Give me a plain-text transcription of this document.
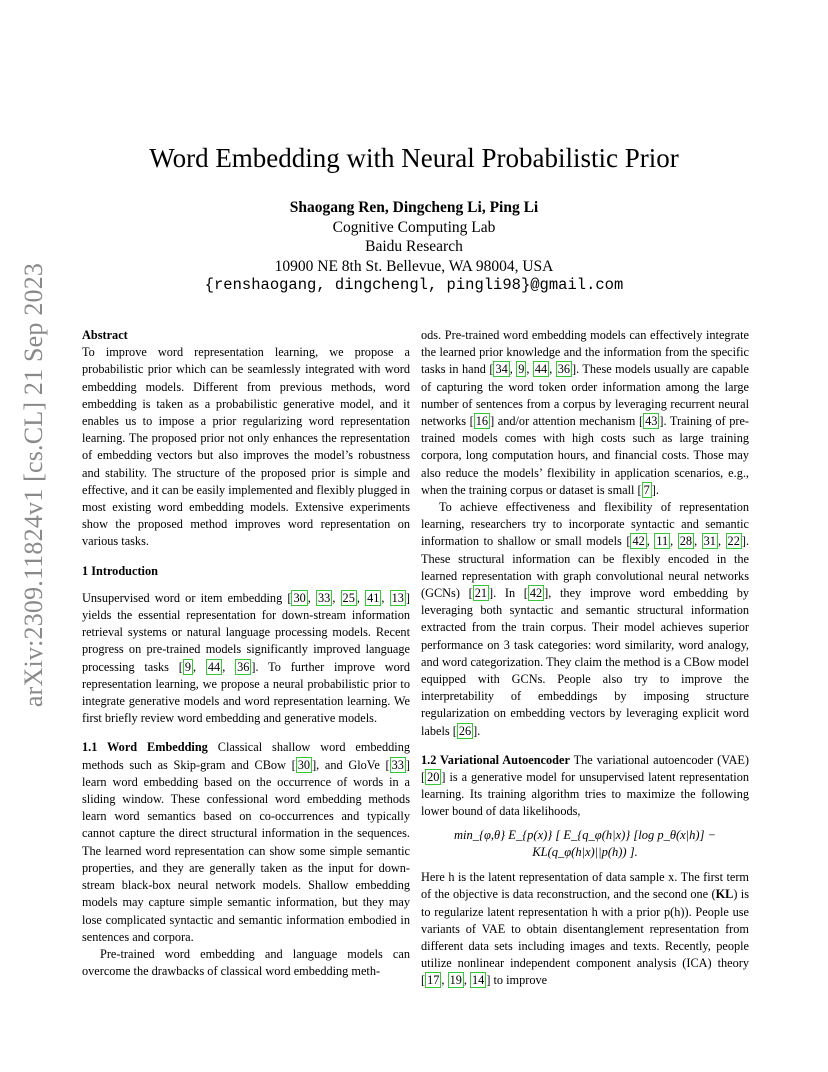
arXiv:2309.11824v1 [cs.CL] 21 Sep 2023
Word Embedding with Neural Probabilistic Prior
Shaogang Ren, Dingcheng Li, Ping Li
Cognitive Computing Lab
Baidu Research
10900 NE 8th St. Bellevue, WA 98004, USA
{renshaogang, dingchengl, pingli98}@gmail.com

Abstract

To improve word representation learning, we propose a probabilistic prior which can be seamlessly integrated with word embedding models. Different from previous methods, word embedding is taken as a probabilistic generative model, and it enables us to impose a prior regularizing word representation learning. The proposed prior not only enhances the representation of embedding vectors but also improves the model’s robustness and stability. The structure of the proposed prior is simple and effective, and it can be easily implemented and flexibly plugged in most existing word embedding models. Extensive experiments show the proposed method improves word representation on various tasks.

1 Introduction

Unsupervised word or item embedding [ 30 , 33 , 25 , 41 , 13 ] yields the essential representation for down-stream information retrieval systems or natural language processing models. Recent progress on pre-trained models significantly improved language processing tasks [ 9 , 44 , 36 ]. To further improve word representation learning, we propose a neural probabilistic prior to integrate generative models and word representation learning. We first briefly review word embedding and generative models.

1.1 Word Embedding Classical shallow word embedding methods such as Skip-gram and CBow [ 30 ], and GloVe [ 33 ] learn word embedding based on the occurrence of words in a sliding window. These confessional word embedding methods learn word semantics based on co-occurrences and typically cannot capture the direct structural information in the sequences. The learned word representation can show some simple semantic properties, and they are generally taken as the input for down-stream black-box neural network models. Shallow embedding models may capture simple semantic information, but they may lose complicated syntactic and semantic information embodied in sentences and corpora.

Pre-trained word embedding and language models can overcome the drawbacks of classical word embedding meth-

ods. Pre-trained word embedding models can effectively integrate the learned prior knowledge and the information from the specific tasks in hand [ 34 , 9 , 44 , 36 ]. These models usually are capable of capturing the word token order information among the large number of sentences from a corpus by leveraging recurrent neural networks [ 16 ] and/or attention mechanism [ 43 ]. Training of pre-trained models comes with high costs such as large training corpora, long computation hours, and financial costs. Those may also reduce the models’ flexibility in application scenarios, e.g., when the training corpus or dataset is small [ 7 ].

To achieve effectiveness and flexibility of representation learning, researchers try to incorporate syntactic and semantic information to shallow or small models [ 42 , 11 , 28 , 31 , 22 ]. These structural information can be flexibly encoded in the learned representation with graph convolutional neural networks (GCNs) [ 21 ]. In [ 42 ], they improve word embedding by leveraging both syntactic and semantic structural information extracted from the train corpus. Their model achieves superior performance on 3 task categories: word similarity, word analogy, and word categorization. They claim the method is a CBow model equipped with GCNs. People also try to improve the interpretability of embeddings by imposing structure regularization on embedding vectors by leveraging explicit word labels [ 26 ].

1.2 Variational Autoencoder The variational autoencoder (VAE) [ 20 ] is a generative model for unsupervised latent representation learning. Its training algorithm tries to maximize the following lower bound of data likelihoods,

min_{φ,θ} E_{p(x)} [ E_{q_φ(h|x)} [log p_θ(x|h)] − KL(q_φ(h|x)||p(h)) ].

Here h is the latent representation of data sample x. The first term of the objective is data reconstruction, and the second one (KL) is to regularize latent representation h with a prior p(h)). People use variants of VAE to obtain disentanglement representation from different data sets including images and texts. Recently, people utilize nonlinear independent component analysis (ICA) theory [ 17 , 19 , 14 ] to improve
